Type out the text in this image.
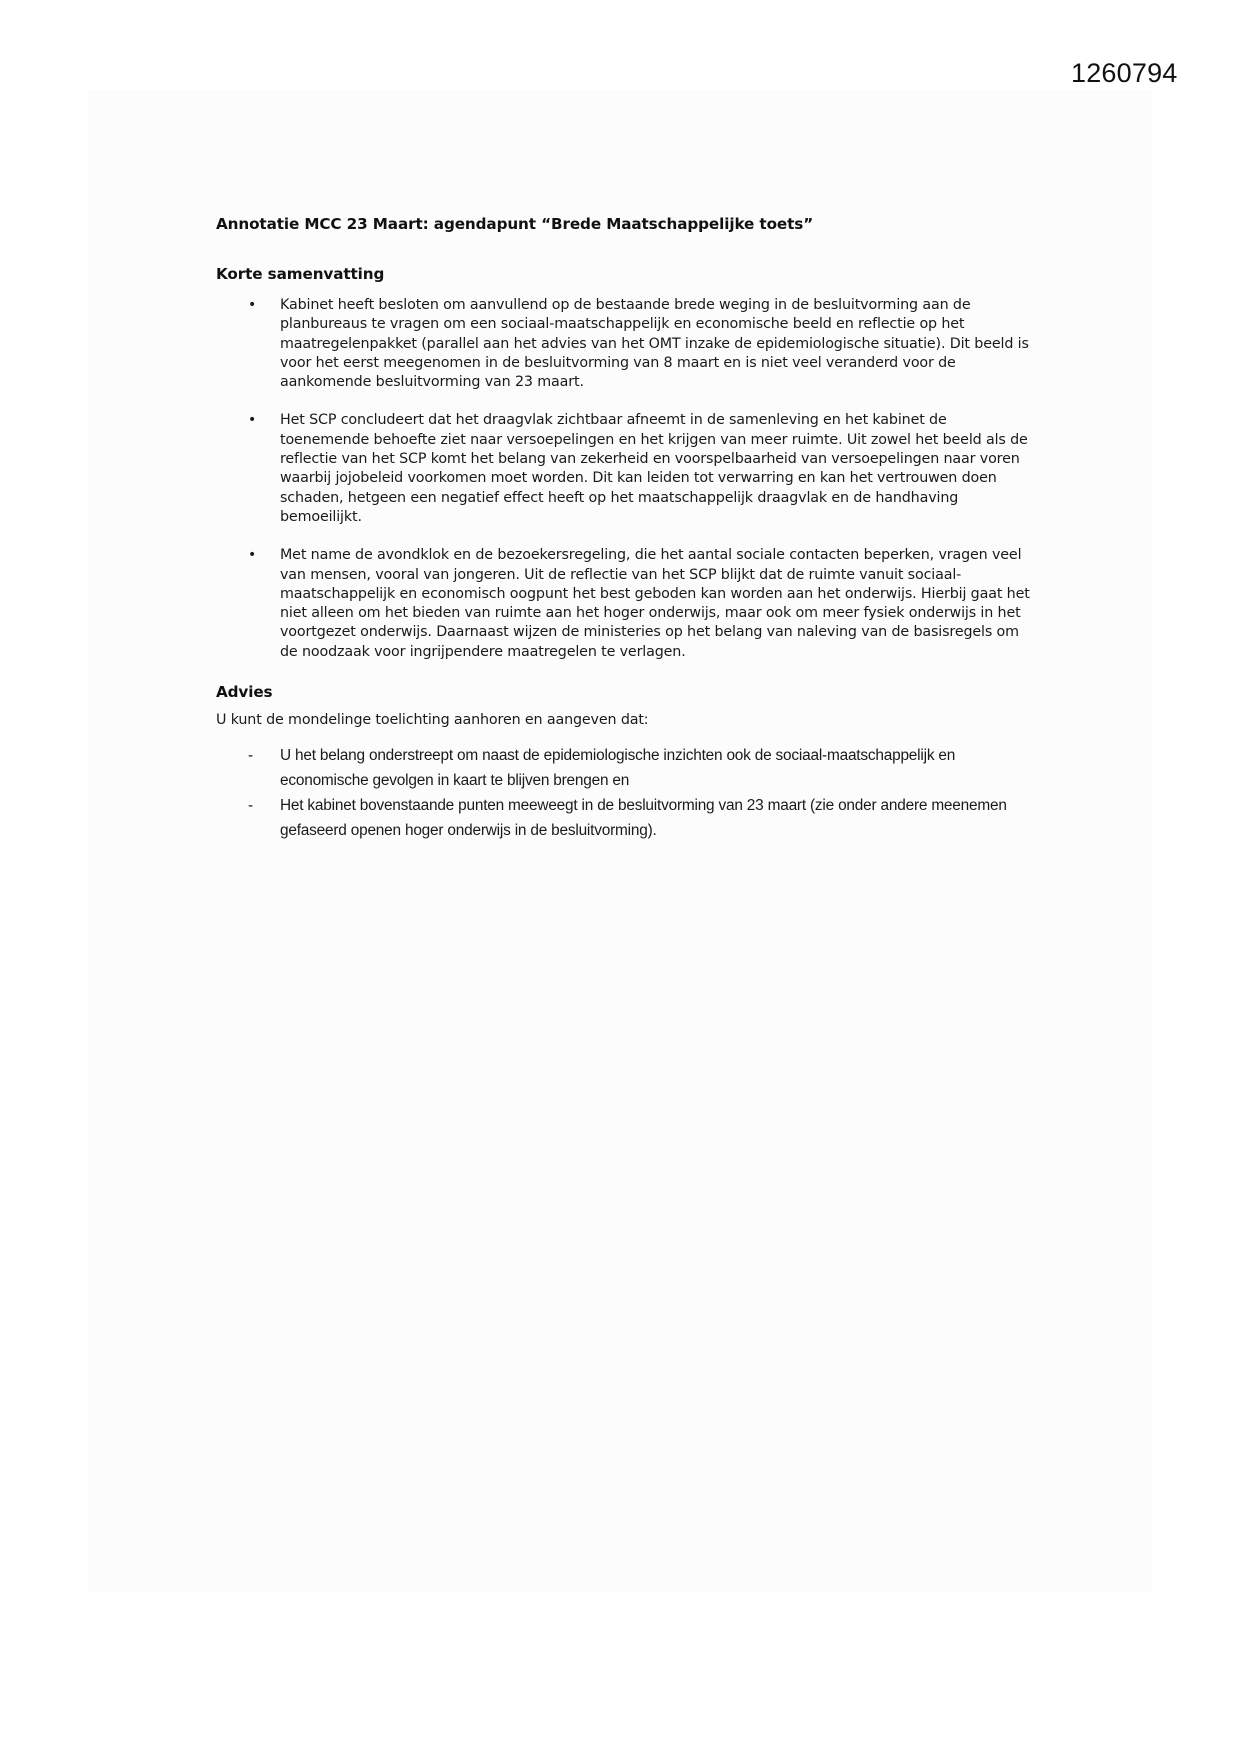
1260794
Annotatie MCC 23 Maart: agendapunt “Brede Maatschappelijke toets”
Korte samenvatting
• Kabinet heeft besloten om aanvullend op de bestaande brede weging in de besluitvorming aan de planbureaus te vragen om een sociaal-maatschappelijk en economische beeld en reflectie op het maatregelenpakket (parallel aan het advies van het OMT inzake de epidemiologische situatie). Dit beeld is voor het eerst meegenomen in de besluitvorming van 8 maart en is niet veel veranderd voor de aankomende besluitvorming van 23 maart.
• Het SCP concludeert dat het draagvlak zichtbaar afneemt in de samenleving en het kabinet de toenemende behoefte ziet naar versoepelingen en het krijgen van meer ruimte. Uit zowel het beeld als de reflectie van het SCP komt het belang van zekerheid en voorspelbaarheid van versoepelingen naar voren waarbij jojobeleid voorkomen moet worden. Dit kan leiden tot verwarring en kan het vertrouwen doen schaden, hetgeen een negatief effect heeft op het maatschappelijk draagvlak en de handhaving bemoeilijkt.
• Met name de avondklok en de bezoekersregeling, die het aantal sociale contacten beperken, vragen veel van mensen, vooral van jongeren. Uit de reflectie van het SCP blijkt dat de ruimte vanuit sociaal-maatschappelijk en economisch oogpunt het best geboden kan worden aan het onderwijs. Hierbij gaat het niet alleen om het bieden van ruimte aan het hoger onderwijs, maar ook om meer fysiek onderwijs in het voortgezet onderwijs. Daarnaast wijzen de ministeries op het belang van naleving van de basisregels om de noodzaak voor ingrijpendere maatregelen te verlagen.
Advies

U kunt de mondelinge toelichting aanhoren en aangeven dat:

- U het belang onderstreept om naast de epidemiologische inzichten ook de sociaal-maatschappelijk en economische gevolgen in kaart te blijven brengen en
- Het kabinet bovenstaande punten meeweegt in de besluitvorming van 23 maart (zie onder andere meenemen gefaseerd openen hoger onderwijs in de besluitvorming).
